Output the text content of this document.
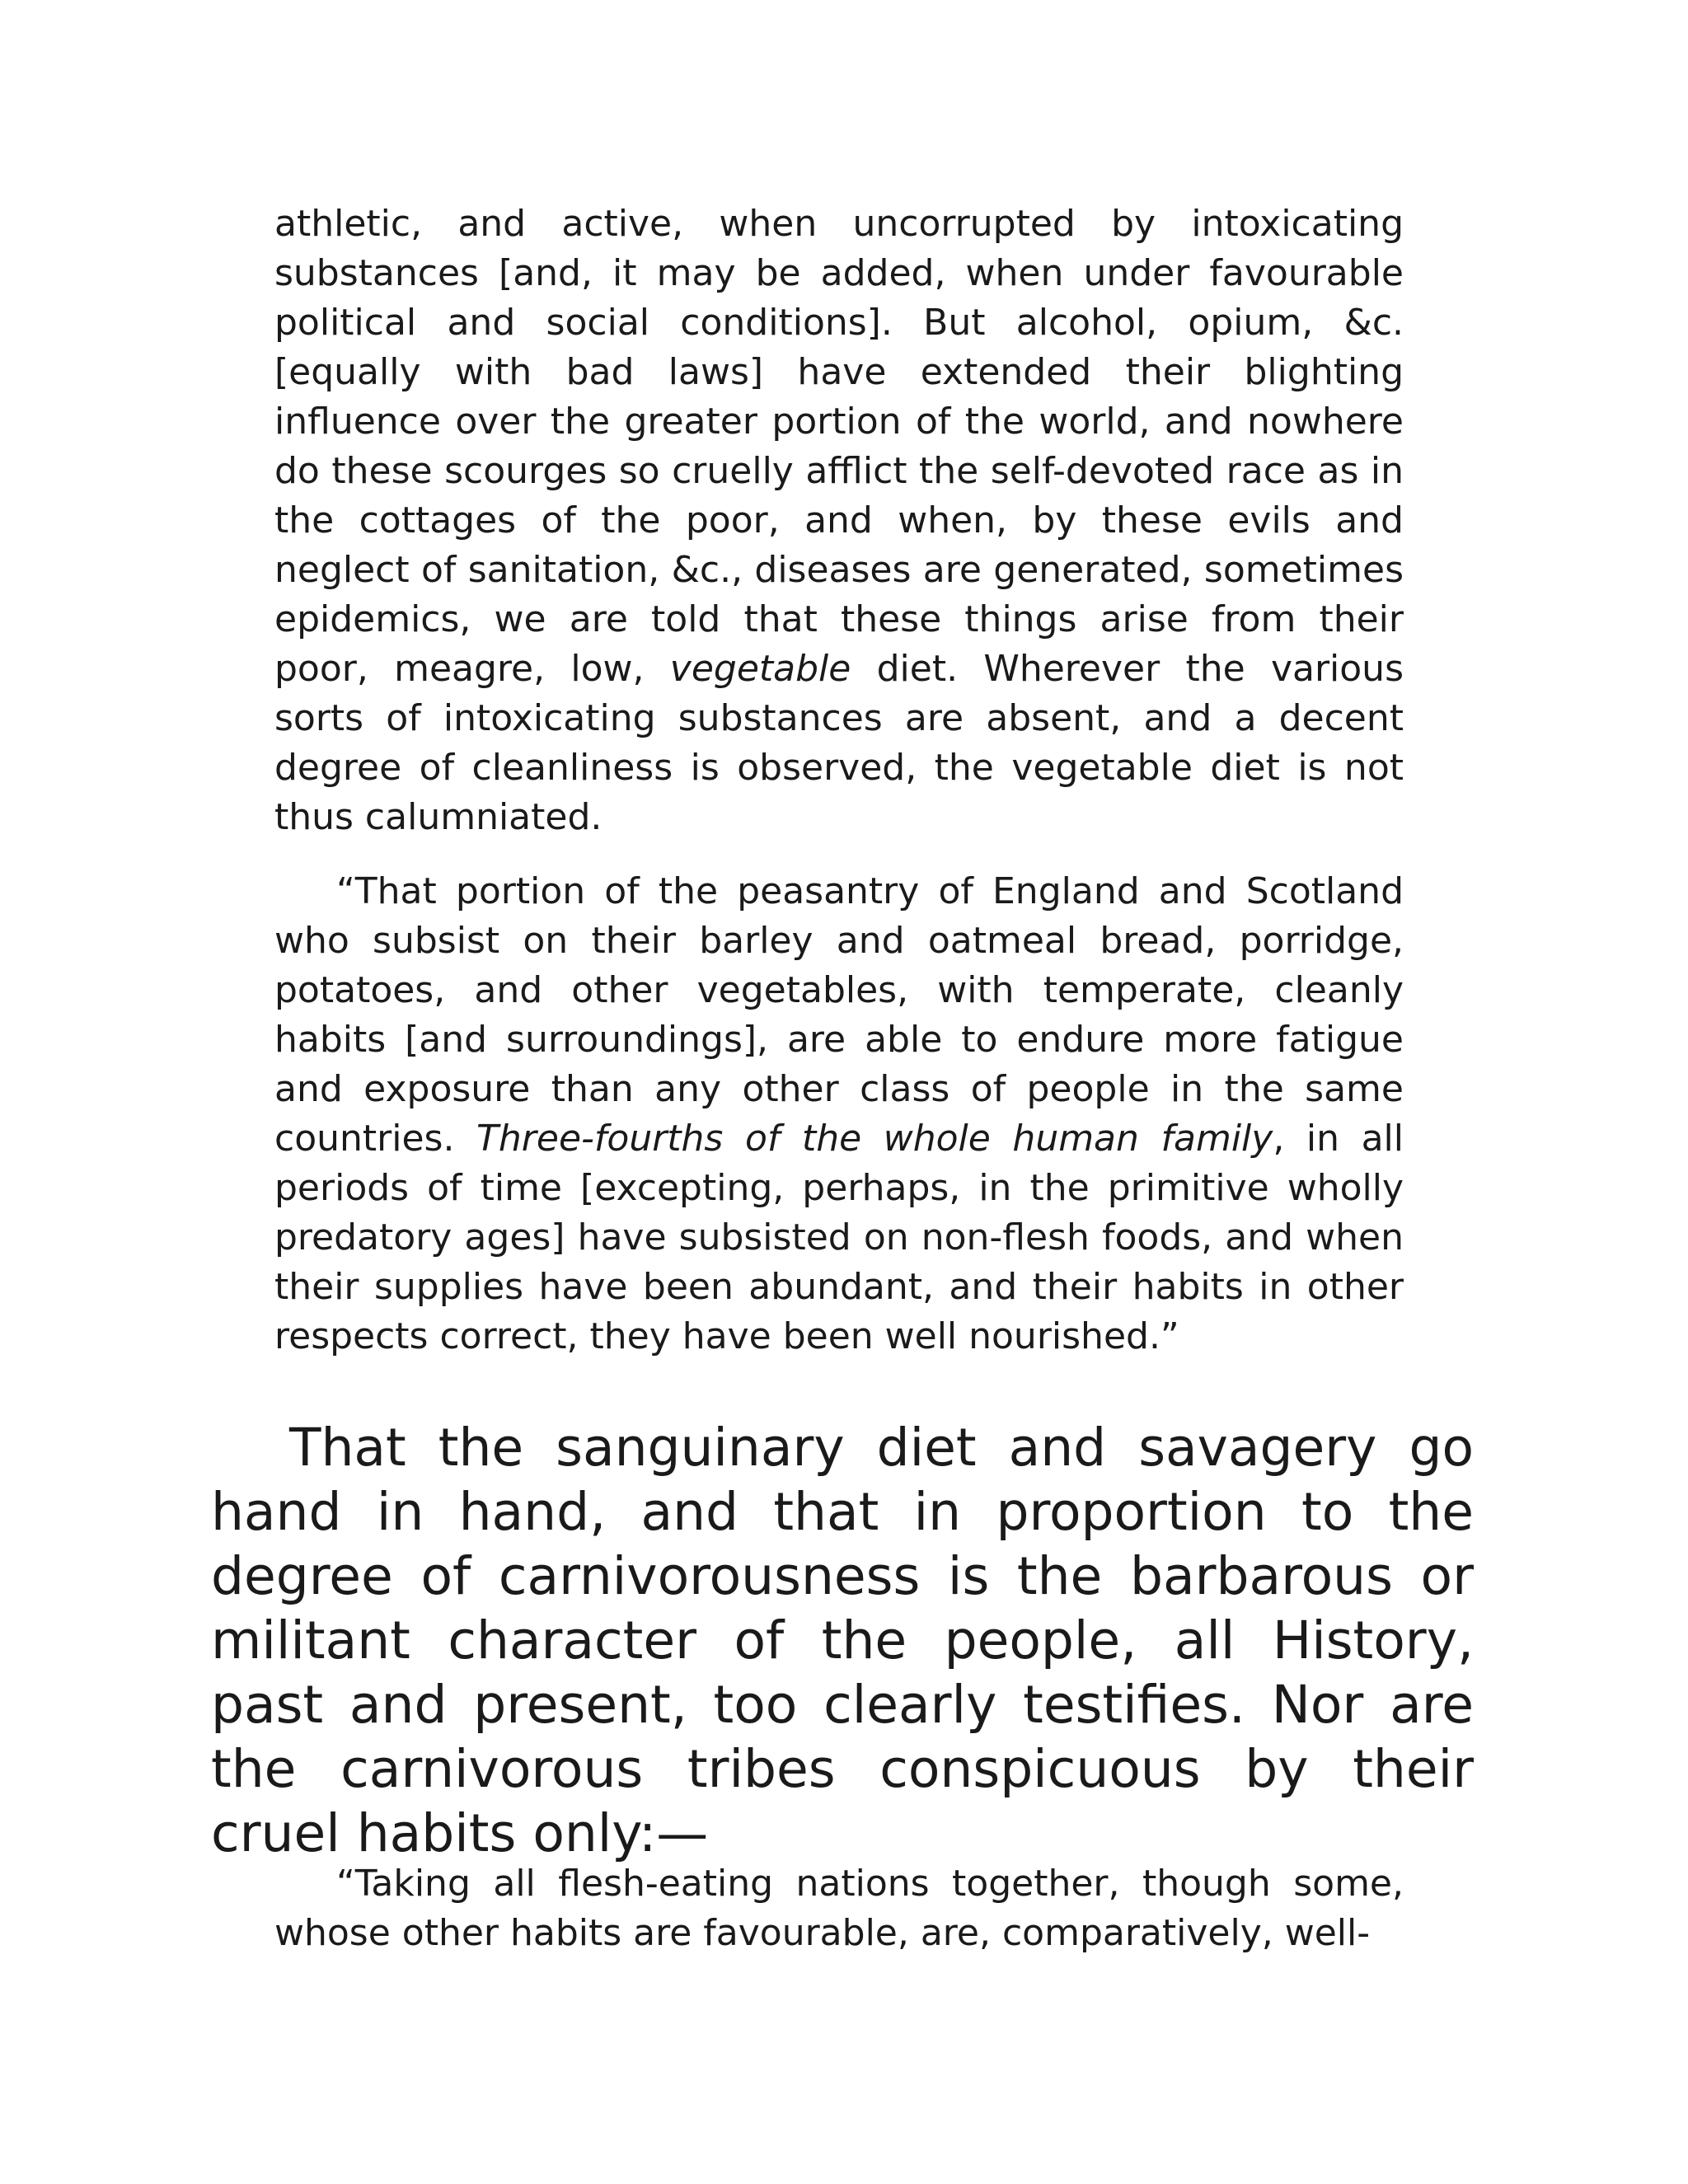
athletic, and active, when uncorrupted by intoxicating substances [and, it may be added, when under favourable political and social conditions]. But alcohol, opium, &c. [equally with bad laws] have extended their blighting influence over the greater portion of the world, and nowhere do these scourges so cruelly afflict the self-devoted race as in the cottages of the poor, and when, by these evils and neglect of sanitation, &c., diseases are generated, sometimes epidemics, we are told that these things arise from their poor, meagre, low, vegetable diet. Wherever the various sorts of intoxicating substances are absent, and a decent degree of cleanliness is observed, the vegetable diet is not thus calumniated.

“That portion of the peasantry of England and Scotland who subsist on their barley and oatmeal bread, porridge, potatoes, and other vegetables, with temperate, cleanly habits [and surroundings], are able to endure more fatigue and exposure than any other class of people in the same countries. Three-fourths of the whole human family, in all periods of time [excepting, perhaps, in the primitive wholly predatory ages] have subsisted on non-flesh foods, and when their supplies have been abundant, and their habits in other respects correct, they have been well nourished.”

That the sanguinary diet and savagery go hand in hand, and that in proportion to the degree of carnivorousness is the barbarous or militant character of the people, all History, past and present, too clearly testifies. Nor are the carnivorous tribes conspicuous by their cruel habits only:—

“Taking all flesh-eating nations together, though some, whose other habits are favourable, are, comparatively, well-
